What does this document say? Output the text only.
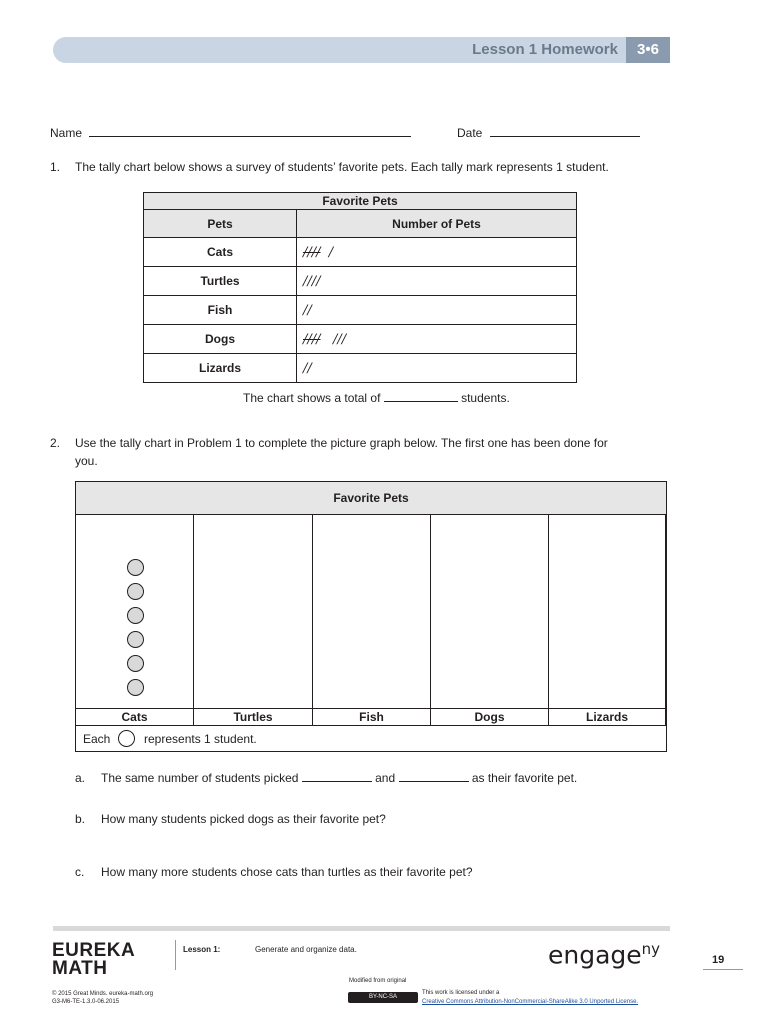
Lesson 1 Homework	3•6
Name	Date
1. The tally chart below shows a survey of students’ favorite pets. Each tally mark represents 1 student.
Favorite Pets	
Pets	Number of Pets
Cats	//// /
Turtles	////
Fish	//
Dogs	//// ///
Lizards	//
The chart shows a total of	students.
2. Use the tally chart in Problem 1 to complete the picture graph below. The first one has been done for
you.
Favorite Pets
Cats	Turtles	Fish	Dogs	Lizards
Each	represents 1 student.
a. The same number of students picked	and	as their favorite pet.
b. How many students picked dogs as their favorite pet?
c. How many more students chose cats than turtles as their favorite pet?
EUREKA
MATH
Lesson 1:	Generate and organize data.	engage$^{ny}$
19
© 2015 Great Minds. eureka-math.org
G3-M6-TE-1.3.0-06.2015
Modified from original
BY-NC-SA
This work is licensed under a
Creative Commons Attribution-NonCommercial-ShareAlike 3.0 Unported License.
